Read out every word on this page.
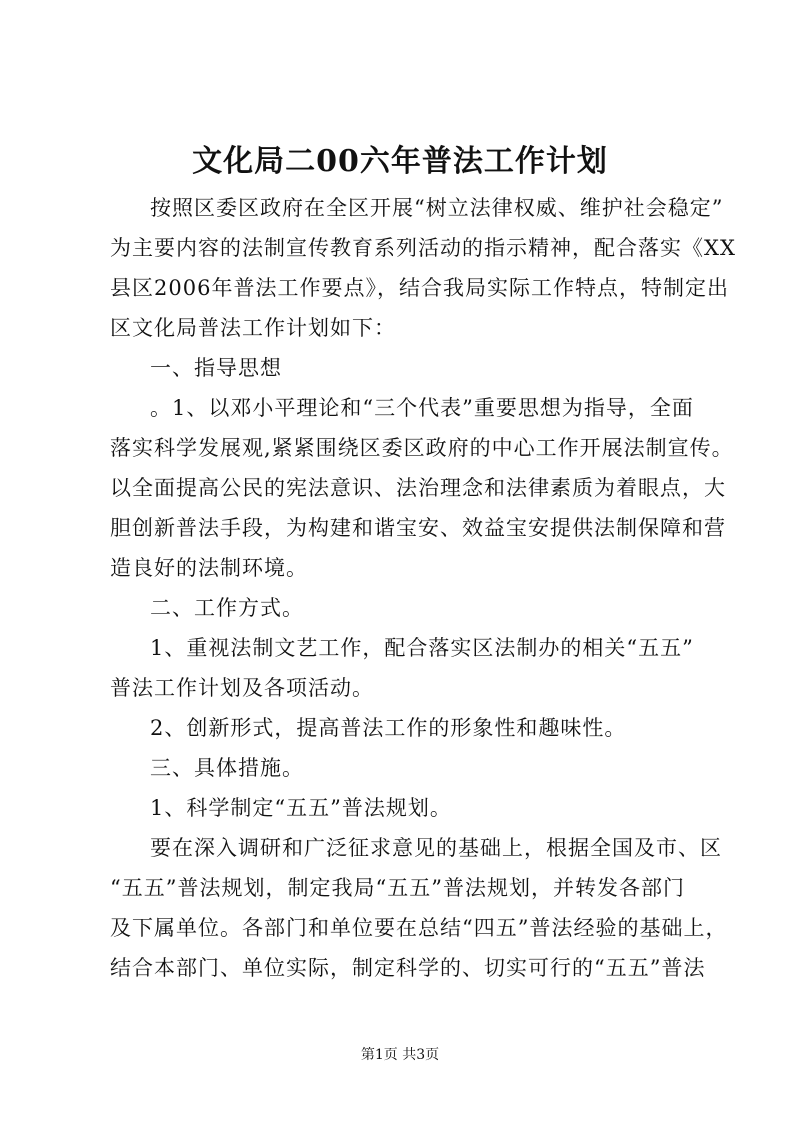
文化局二00六年普法工作计划
按照区委区政府在全区开展“树立法律权威、维护社会稳定”
为主要内容的法制宣传教育系列活动的指示精神，配合落实《XX
县区2006年普法工作要点》，结合我局实际工作特点，特制定出
区文化局普法工作计划如下：
一、指导思想
。1、以邓小平理论和“三个代表”重要思想为指导，全面
落实科学发展观,紧紧围绕区委区政府的中心工作开展法制宣传。
以全面提高公民的宪法意识、法治理念和法律素质为着眼点，大
胆创新普法手段，为构建和谐宝安、效益宝安提供法制保障和营
造良好的法制环境。
二、工作方式。
1、重视法制文艺工作，配合落实区法制办的相关“五五”
普法工作计划及各项活动。
2、创新形式，提高普法工作的形象性和趣味性。
三、具体措施。
1、科学制定“五五”普法规划。
要在深入调研和广泛征求意见的基础上，根据全国及市、区
“五五”普法规划，制定我局“五五”普法规划，并转发各部门
及下属单位。各部门和单位要在总结“四五”普法经验的基础上，
结合本部门、单位实际，制定科学的、切实可行的“五五”普法
第1页 共3页
